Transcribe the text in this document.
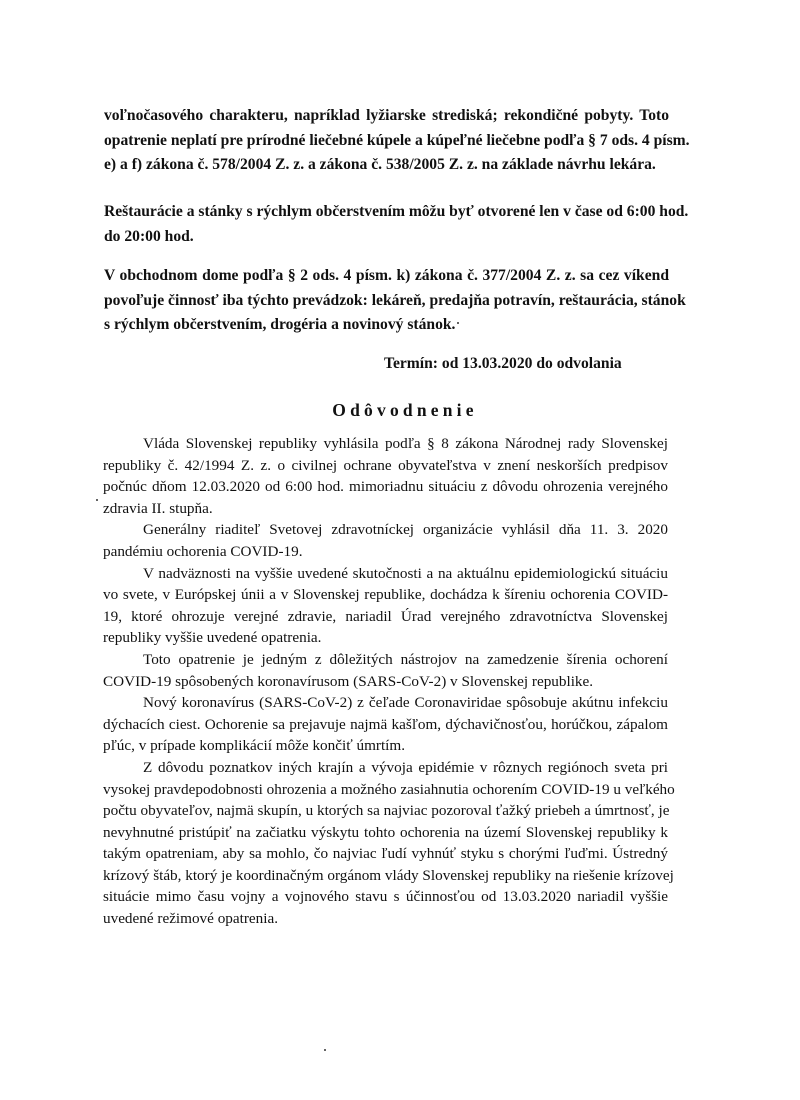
voľnočasového charakteru, napríklad lyžiarske strediská; rekondičné pobyty. Toto
opatrenie neplatí pre prírodné liečebné kúpele a kúpeľné liečebne podľa § 7 ods. 4 písm.
e) a f) zákona č. 578/2004 Z. z. a zákona č. 538/2005 Z. z. na základe návrhu lekára.
Reštaurácie a stánky s rýchlym občerstvením môžu byť otvorené len v čase od 6:00 hod.
do 20:00 hod.
V obchodnom dome podľa § 2 ods. 4 písm. k) zákona č. 377/2004 Z. z. sa cez víkend
povoľuje činnosť iba týchto prevádzok: lekáreň, predajňa potravín, reštaurácia, stánok
s rýchlym občerstvením, drogéria a novinový stánok.
Termín: od 13.03.2020 do odvolania
Odôvodnenie
Vláda Slovenskej republiky vyhlásila podľa § 8 zákona Národnej rady Slovenskej
republiky č. 42/1994 Z. z. o civilnej ochrane obyvateľstva v znení neskorších predpisov
počnúc dňom 12.03.2020 od 6:00 hod. mimoriadnu situáciu z dôvodu ohrozenia verejného
zdravia II. stupňa.
Generálny riaditeľ Svetovej zdravotníckej organizácie vyhlásil dňa 11. 3. 2020
pandémiu ochorenia COVID-19.
V nadväznosti na vyššie uvedené skutočnosti a na aktuálnu epidemiologickú situáciu
vo svete, v Európskej únii a v Slovenskej republike, dochádza k šíreniu ochorenia COVID-
19, ktoré ohrozuje verejné zdravie, nariadil Úrad verejného zdravotníctva Slovenskej
republiky vyššie uvedené opatrenia.
Toto opatrenie je jedným z dôležitých nástrojov na zamedzenie šírenia ochorení
COVID-19 spôsobených koronavírusom (SARS-CoV-2) v Slovenskej republike.
Nový koronavírus (SARS-CoV-2) z čeľade Coronaviridae spôsobuje akútnu infekciu
dýchacích ciest. Ochorenie sa prejavuje najmä kašľom, dýchavičnosťou, horúčkou, zápalom
pľúc, v prípade komplikácií môže končiť úmrtím.
Z dôvodu poznatkov iných krajín a vývoja epidémie v rôznych regiónoch sveta pri
vysokej pravdepodobnosti ohrozenia a možného zasiahnutia ochorením COVID-19 u veľkého
počtu obyvateľov, najmä skupín, u ktorých sa najviac pozoroval ťažký priebeh a úmrtnosť, je
nevyhnutné pristúpiť na začiatku výskytu tohto ochorenia na území Slovenskej republiky k
takým opatreniam, aby sa mohlo, čo najviac ľudí vyhnúť styku s chorými ľuďmi. Ústredný
krízový štáb, ktorý je koordinačným orgánom vlády Slovenskej republiky na riešenie krízovej
situácie mimo času vojny a vojnového stavu s účinnosťou od 13.03.2020 nariadil vyššie
uvedené režimové opatrenia.
